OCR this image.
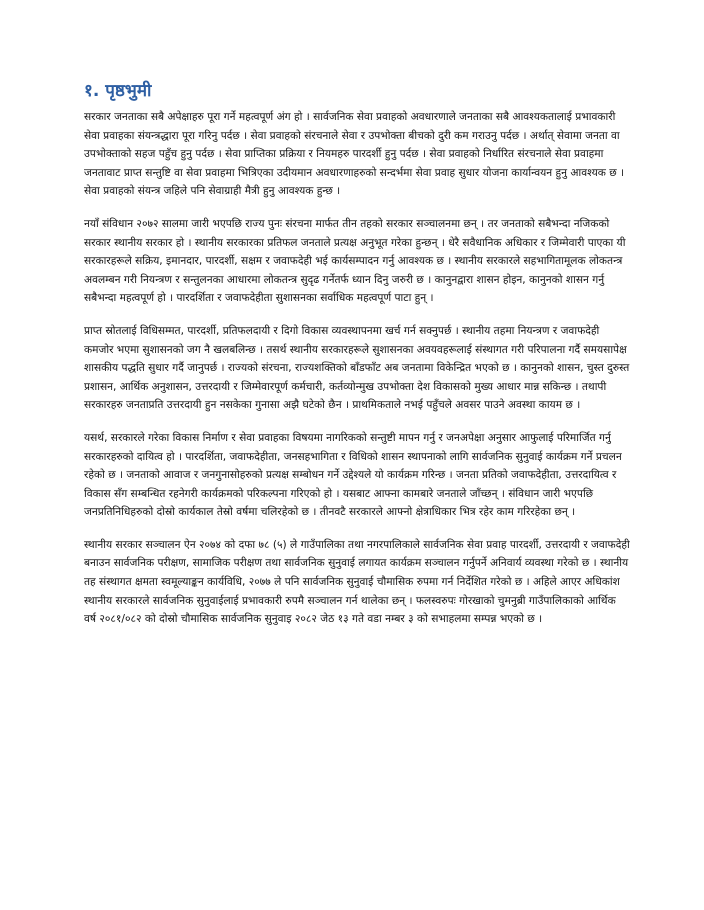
१. पृष्ठभुमी

सरकार जनताका सबै अपेक्षाहरु पूरा गर्ने महत्वपूर्ण अंग हो । सार्वजनिक सेवा प्रवाहको अवधारणाले जनताका सबै आवश्यकतालाई प्रभावकारी सेवा प्रवाहका संयन्त्रद्धारा पूरा गरिनु पर्दछ । सेवा प्रवाहको संरचनाले सेवा र उपभोक्ता बीचको दुरी कम गराउनु पर्दछ । अर्थात् सेवामा जनता वा उपभोक्ताको सहज पहुँच हुनु पर्दछ । सेवा प्राप्तिका प्रक्रिया र नियमहरु पारदर्शी हुनु पर्दछ । सेवा प्रवाहको निर्धारित संरचनाले सेवा प्रवाहमा जनतावाट प्राप्त सन्तुष्टि वा सेवा प्रवाहमा भित्रिएका उदीयमान अवधारणाहरुको सन्दर्भमा सेवा प्रवाह सुधार योजना कार्यान्वयन हुनु आवश्यक छ । सेवा प्रवाहको संयन्त्र जहिले पनि सेवाग्राही मैत्री हुनु आवश्यक हुन्छ ।

नयाँ संविधान २०७२ सालमा जारी भएपछि राज्य पुनः संरचना मार्फत तीन तहको सरकार सञ्चालनमा छन् । तर जनताको सबैभन्दा नजिकको सरकार स्थानीय सरकार हो । स्थानीय सरकारका प्रतिफल जनताले प्रत्यक्ष अनुभूत गरेका हुन्छन् । धेरै सवैधानिक अधिकार र जिम्मेवारी पाएका यी सरकारहरूले सक्रिय, इमानदार, पारदर्शी, सक्षम र जवाफदेही भई कार्यसम्पादन गर्नु आवश्यक छ । स्थानीय सरकारले सहभागितामूलक लोकतन्त्र अवलम्बन गरी नियन्त्रण र सन्तुलनका आधारमा लोकतन्त्र सुदृढ गर्नेतर्फ ध्यान दिनु जरुरी छ । कानुनद्वारा शासन होइन, कानुनको शासन गर्नु सबैभन्दा महत्वपूर्ण हो । पारदर्शिता र जवाफदेहीता सुशासनका सर्वाधिक महत्वपूर्ण पाटा हुन् ।

प्राप्त स्रोतलाई विधिसम्मत, पारदर्शी, प्रतिफलदायी र दिगो विकास व्यवस्थापनमा खर्च गर्न सक्नुपर्छ । स्थानीय तहमा नियन्त्रण र जवाफदेही कमजोर भएमा सुशासनको जग नै खलबलिन्छ । तसर्थ स्थानीय सरकारहरूले सुशासनका अवयवहरूलाई संस्थागत गरी परिपालना गर्दै समयसापेक्ष शासकीय पद्धति सुधार गर्दै जानुपर्छ । राज्यको संरचना, राज्यशक्तिको बाँडफाँट अब जनतामा विकेन्द्रित भएको छ । कानुनको शासन, चुस्त दुरुस्त प्रशासन, आर्थिक अनुशासन, उत्तरदायी र जिम्मेवारपूर्ण कर्मचारी, कर्तव्योन्मुख उपभोक्ता देश विकासको मुख्य आधार मान्न सकिन्छ । तथापी सरकारहरु जनताप्रति उत्तरदायी हुन नसकेका गुनासा अझै घटेको छैन । प्राथमिकताले नभई पहुँचले अवसर पाउने अवस्था कायम छ ।

यसर्थ, सरकारले गरेका विकास निर्माण र सेवा प्रवाहका विषयमा नागरिकको सन्तुष्टी मापन गर्नु र जनअपेक्षा अनुसार आफुलाई परिमार्जित गर्नु सरकारहरुको दायित्व हो । पारदर्शिता, जवाफदेहीता, जनसहभागिता र विधिको शासन स्थापनाको लागि सार्वजनिक सुनुवाई कार्यक्रम गर्ने प्रचलन रहेको छ । जनताको आवाज र जनगुनासोहरुको प्रत्यक्ष सम्बोधन गर्ने उद्देश्यले यो कार्यक्रम गरिन्छ । जनता प्रतिको जवाफदेहीता, उत्तरदायित्व र विकास सँग सम्बन्धित रहनेगरी कार्यक्रमको परिकल्पना गरिएको हो । यसबाट आफ्ना कामबारे जनताले जाँच्छन् । संविधान जारी भएपछि जनप्रतिनिधिहरुको दोस्रो कार्यकाल तेस्रो वर्षमा चलिरहेको छ । तीनवटै सरकारले आफ्नो क्षेत्राधिकार भित्र रहेर काम गरिरहेका छन् ।

स्थानीय सरकार सञ्चालन ऐन २०७४ को दफा ७८ (५) ले गाउँपालिका तथा नगरपालिकाले सार्वजनिक सेवा प्रवाह पारदर्शी, उत्तरदायी र जवाफदेही बनाउन सार्वजनिक परीक्षण, सामाजिक परीक्षण तथा सार्वजनिक सुनुवाई लगायत कार्यक्रम सञ्चालन गर्नुपर्ने अनिवार्य व्यवस्था गरेको छ । स्थानीय तह संस्थागत क्षमता स्वमूल्याङ्कन कार्यविधि, २०७७ ले पनि सार्वजनिक सुनुवाई चौमासिक रुपमा गर्न निर्देशित गरेको छ । अहिले आएर अधिकांश स्थानीय सरकारले सार्वजनिक सुनुवाईलाई प्रभावकारी रुपमै सञ्चालन गर्न थालेका छन् । फलस्वरुपः गोरखाको चुमनुब्री गाउँपालिकाको आर्थिक वर्ष २०८१/०८२ को दोस्रो चौमासिक सार्वजनिक सुनुवाइ २०८२ जेठ १३ गते वडा नम्बर ३ को सभाहलमा सम्पन्न भएको छ ।
